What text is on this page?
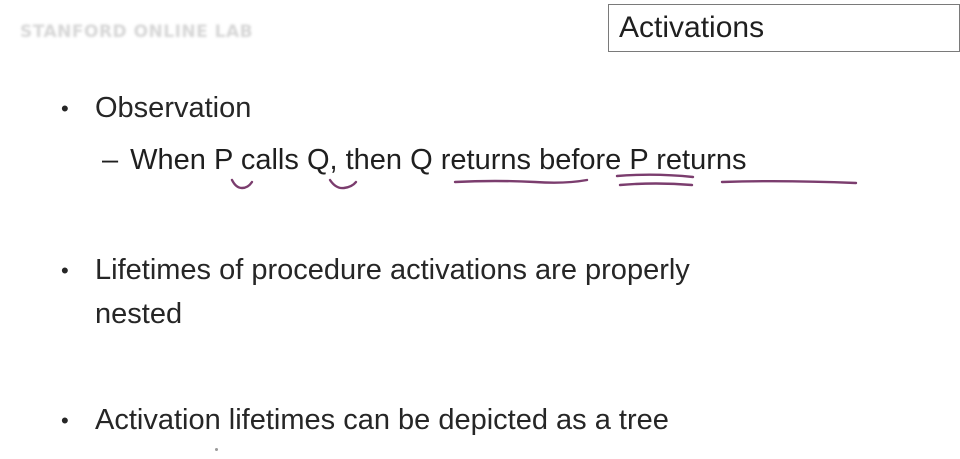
STANFORD ONLINE LAB	Activations
• Observation
– When P calls Q, then Q returns before P returns
• Lifetimes of procedure activations are properly
nested
• Activation lifetimes can be depicted as a tree
